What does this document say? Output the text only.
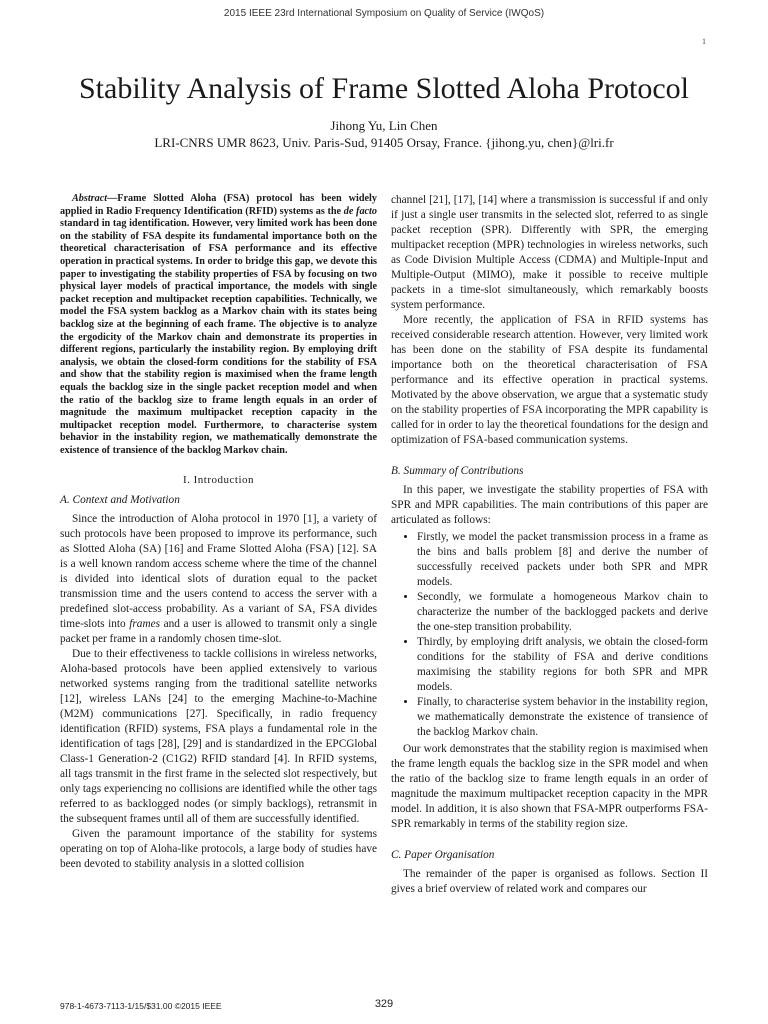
2015 IEEE 23rd International Symposium on Quality of Service (IWQoS)
1
Stability Analysis of Frame Slotted Aloha Protocol
Jihong Yu, Lin Chen
LRI-CNRS UMR 8623, Univ. Paris-Sud, 91405 Orsay, France. {jihong.yu, chen}@lri.fr

Abstract—Frame Slotted Aloha (FSA) protocol has been widely applied in Radio Frequency Identification (RFID) systems as the de facto standard in tag identification. However, very limited work has been done on the stability of FSA despite its fundamental importance both on the theoretical characterisation of FSA performance and its effective operation in practical systems. In order to bridge this gap, we devote this paper to investigating the stability properties of FSA by focusing on two physical layer models of practical importance, the models with single packet reception and multipacket reception capabilities. Technically, we model the FSA system backlog as a Markov chain with its states being backlog size at the beginning of each frame. The objective is to analyze the ergodicity of the Markov chain and demonstrate its properties in different regions, particularly the instability region. By employing drift analysis, we obtain the closed-form conditions for the stability of FSA and show that the stability region is maximised when the frame length equals the backlog size in the single packet reception model and when the ratio of the backlog size to frame length equals in an order of magnitude the maximum multipacket reception capacity in the multipacket reception model. Furthermore, to characterise system behavior in the instability region, we mathematically demonstrate the existence of transience of the backlog Markov chain.

I. Introduction

A. Context and Motivation

Since the introduction of Aloha protocol in 1970 [1], a variety of such protocols have been proposed to improve its performance, such as Slotted Aloha (SA) [16] and Frame Slotted Aloha (FSA) [12]. SA is a well known random access scheme where the time of the channel is divided into identical slots of duration equal to the packet transmission time and the users contend to access the server with a predefined slot-access probability. As a variant of SA, FSA divides time-slots into frames and a user is allowed to transmit only a single packet per frame in a randomly chosen time-slot.

Due to their effectiveness to tackle collisions in wireless networks, Aloha-based protocols have been applied extensively to various networked systems ranging from the traditional satellite networks [12], wireless LANs [24] to the emerging Machine-to-Machine (M2M) communications [27]. Specifically, in radio frequency identification (RFID) systems, FSA plays a fundamental role in the identification of tags [28], [29] and is standardized in the EPCGlobal Class-1 Generation-2 (C1G2) RFID standard [4]. In RFID systems, all tags transmit in the first frame in the selected slot respectively, but only tags experiencing no collisions are identified while the other tags referred to as backlogged nodes (or simply backlogs), retransmit in the subsequent frames until all of them are successfully identified.

Given the paramount importance of the stability for systems operating on top of Aloha-like protocols, a large body of studies have been devoted to stability analysis in a slotted collision

channel [21], [17], [14] where a transmission is successful if and only if just a single user transmits in the selected slot, referred to as single packet reception (SPR). Differently with SPR, the emerging multipacket reception (MPR) technologies in wireless networks, such as Code Division Multiple Access (CDMA) and Multiple-Input and Multiple-Output (MIMO), make it possible to receive multiple packets in a time-slot simultaneously, which remarkably boosts system performance.

More recently, the application of FSA in RFID systems has received considerable research attention. However, very limited work has been done on the stability of FSA despite its fundamental importance both on the theoretical characterisation of FSA performance and its effective operation in practical systems. Motivated by the above observation, we argue that a systematic study on the stability properties of FSA incorporating the MPR capability is called for in order to lay the theoretical foundations for the design and optimization of FSA-based communication systems.

B. Summary of Contributions

In this paper, we investigate the stability properties of FSA with SPR and MPR capabilities. The main contributions of this paper are articulated as follows:

• Firstly, we model the packet transmission process in a frame as the bins and balls problem [8] and derive the number of successfully received packets under both SPR and MPR models.
• Secondly, we formulate a homogeneous Markov chain to characterize the number of the backlogged packets and derive the one-step transition probability.
• Thirdly, by employing drift analysis, we obtain the closed-form conditions for the stability of FSA and derive conditions maximising the stability regions for both SPR and MPR models.
• Finally, to characterise system behavior in the instability region, we mathematically demonstrate the existence of transience of the backlog Markov chain.

Our work demonstrates that the stability region is maximised when the frame length equals the backlog size in the SPR model and when the ratio of the backlog size to frame length equals in an order of magnitude the maximum multipacket reception capacity in the MPR model. In addition, it is also shown that FSA-MPR outperforms FSA-SPR remarkably in terms of the stability region size.

C. Paper Organisation

The remainder of the paper is organised as follows. Section II gives a brief overview of related work and compares our

978-1-4673-7113-1/15/$31.00 ©2015 IEEE	329
